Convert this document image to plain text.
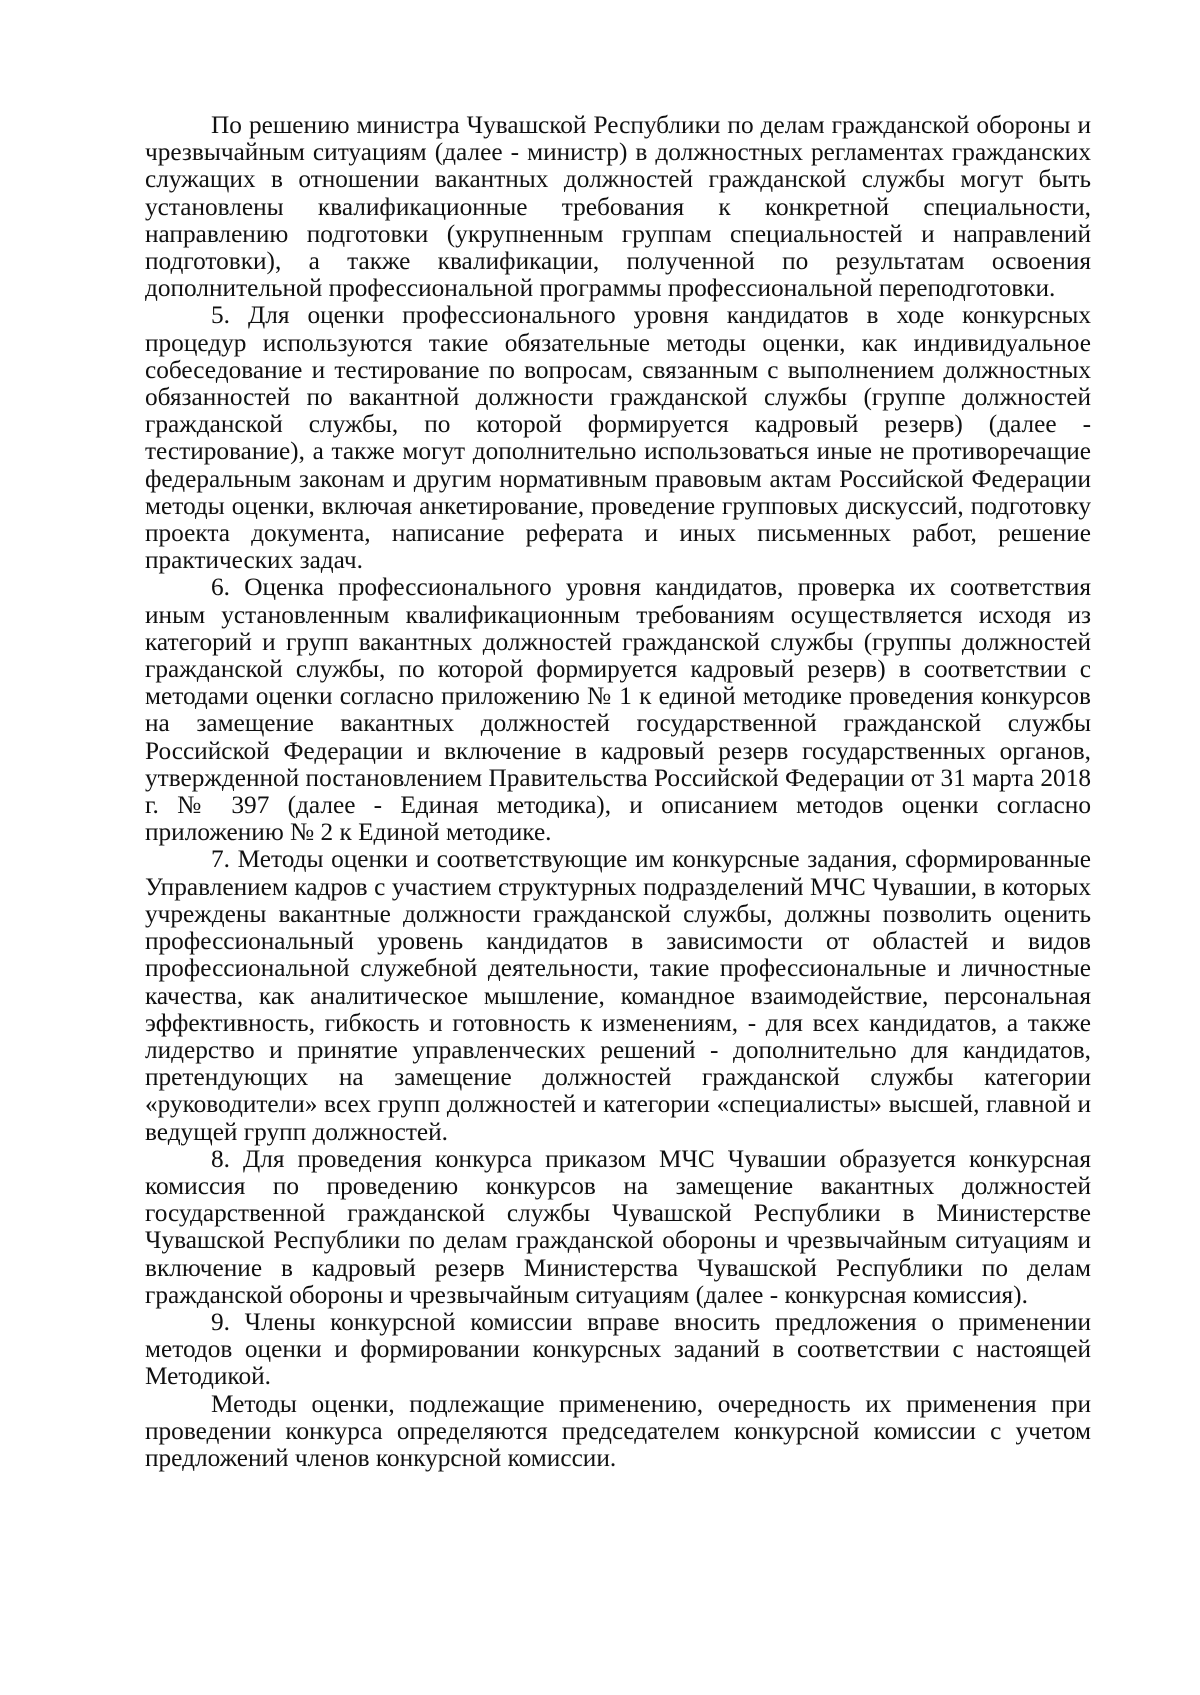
По решению министра Чувашской Республики по делам гражданской обороны и чрезвычайным ситуациям (далее - министр) в должностных регламентах гражданских служащих в отношении вакантных должностей гражданской службы могут быть установлены квалификационные требования к конкретной специальности, направлению подготовки (укрупненным группам специальностей и направлений подготовки), а также квалификации, полученной по результатам освоения дополнительной профессиональной программы профессиональной переподготовки.

5. Для оценки профессионального уровня кандидатов в ходе конкурсных процедур используются такие обязательные методы оценки, как индивидуальное собеседование и тестирование по вопросам, связанным с выполнением должностных обязанностей по вакантной должности гражданской службы (группе должностей гражданской службы, по которой формируется кадровый резерв) (далее - тестирование), а также могут дополнительно использоваться иные не противоречащие федеральным законам и другим нормативным правовым актам Российской Федерации методы оценки, включая анкетирование, проведение групповых дискуссий, подготовку проекта документа, написание реферата и иных письменных работ, решение практических задач.

6. Оценка профессионального уровня кандидатов, проверка их соответствия иным установленным квалификационным требованиям осуществляется исходя из категорий и групп вакантных должностей гражданской службы (группы должностей гражданской службы, по которой формируется кадровый резерв) в соответствии с методами оценки согласно приложению № 1 к единой методике проведения конкурсов на замещение вакантных должностей государственной гражданской службы Российской Федерации и включение в кадровый резерв государственных органов, утвержденной постановлением Правительства Российской Федерации от 31 марта 2018 г. № 397 (далее - Единая методика), и описанием методов оценки согласно приложению № 2 к Единой методике.

7. Методы оценки и соответствующие им конкурсные задания, сформированные Управлением кадров с участием структурных подразделений МЧС Чувашии, в которых учреждены вакантные должности гражданской службы, должны позволить оценить профессиональный уровень кандидатов в зависимости от областей и видов профессиональной служебной деятельности, такие профессиональные и личностные качества, как аналитическое мышление, командное взаимодействие, персональная эффективность, гибкость и готовность к изменениям, - для всех кандидатов, а также лидерство и принятие управленческих решений - дополнительно для кандидатов, претендующих на замещение должностей гражданской службы категории «руководители» всех групп должностей и категории «специалисты» высшей, главной и ведущей групп должностей.

8. Для проведения конкурса приказом МЧС Чувашии образуется конкурсная комиссия по проведению конкурсов на замещение вакантных должностей государственной гражданской службы Чувашской Республики в Министерстве Чувашской Республики по делам гражданской обороны и чрезвычайным ситуациям и включение в кадровый резерв Министерства Чувашской Республики по делам гражданской обороны и чрезвычайным ситуациям (далее - конкурсная комиссия).

9. Члены конкурсной комиссии вправе вносить предложения о применении методов оценки и формировании конкурсных заданий в соответствии с настоящей Методикой.

Методы оценки, подлежащие применению, очередность их применения при проведении конкурса определяются председателем конкурсной комиссии с учетом предложений членов конкурсной комиссии.
